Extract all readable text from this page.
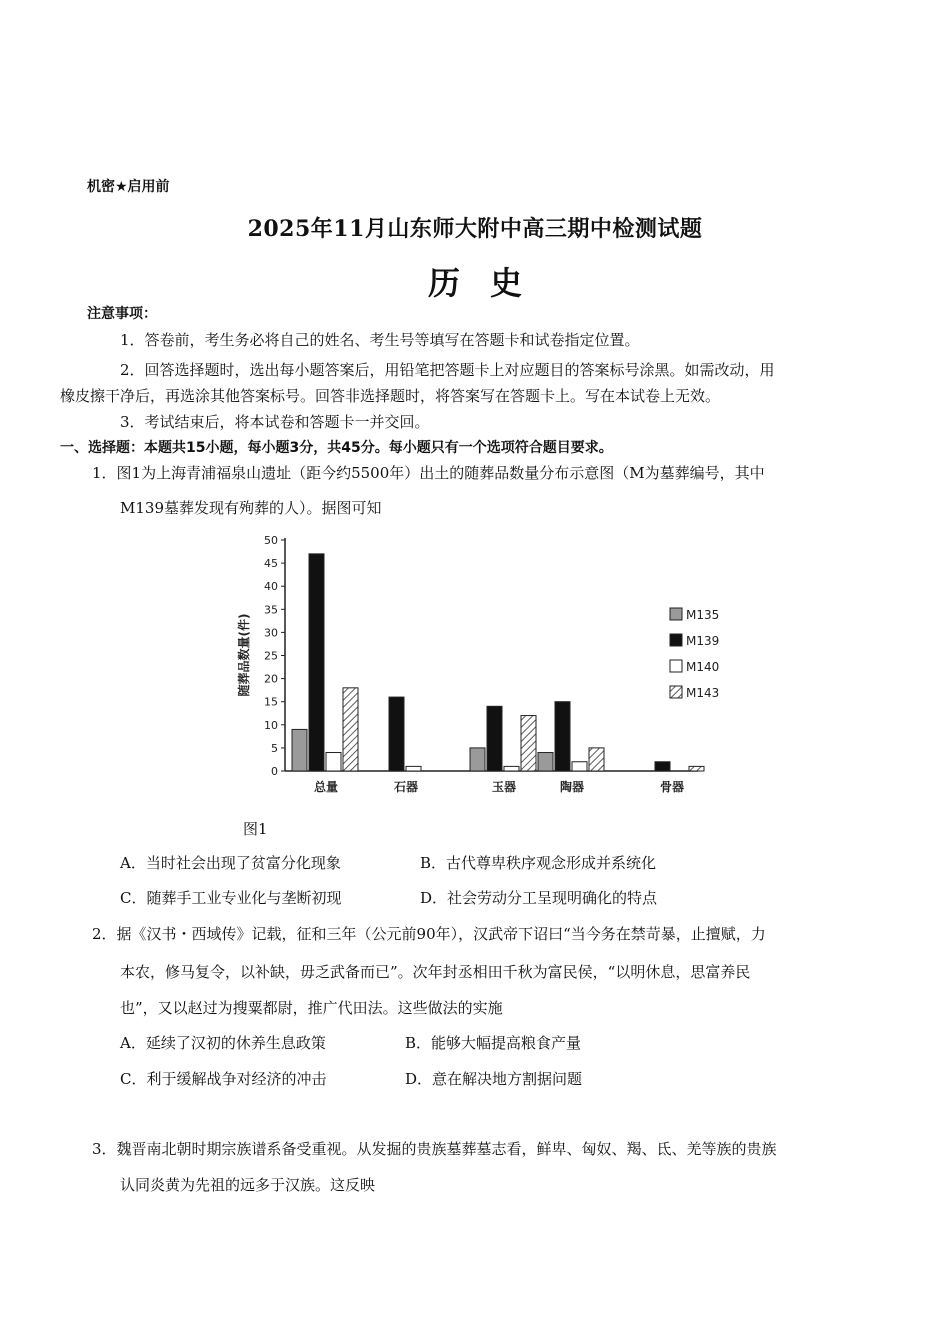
机密★启用前
2025年11月山东师大附中高三期中检测试题
历史
注意事项：
1．答卷前，考生务必将自己的姓名、考生号等填写在答题卡和试卷指定位置。
2．回答选择题时，选出每小题答案后，用铅笔把答题卡上对应题目的答案标号涂黑。如需改动，用
橡皮擦干净后，再选涂其他答案标号。回答非选择题时，将答案写在答题卡上。写在本试卷上无效。
3．考试结束后，将本试卷和答题卡一并交回。
一、选择题：本题共15小题，每小题3分，共45分。每小题只有一个选项符合题目要求。
1．图1为上海青浦福泉山遗址（距今约5500年）出土的随葬品数量分布示意图（M为墓葬编号，其中
M139墓葬发现有殉葬的人）。据图可知
0
5
10
15
20
25
30
35
40
45
50
随葬品数量(件)
总量	石器	玉器	陶器	骨器
M135
M139
M140
M143
图1
A．当时社会出现了贫富分化现象	B．古代尊卑秩序观念形成并系统化
C．随葬手工业专业化与垄断初现	D．社会劳动分工呈现明确化的特点
2．据《汉书・西域传》记载，征和三年（公元前90年），汉武帝下诏曰“当今务在禁苛暴，止擅赋，力
本农，修马复令，以补缺，毋乏武备而已”。次年封丞相田千秋为富民侯，“以明休息，思富养民
也”，又以赵过为搜粟都尉，推广代田法。这些做法的实施
A．延续了汉初的休养生息政策	B．能够大幅提高粮食产量
C．利于缓解战争对经济的冲击	D．意在解决地方割据问题
3．魏晋南北朝时期宗族谱系备受重视。从发掘的贵族墓葬墓志看，鲜卑、匈奴、羯、氐、羌等族的贵族
认同炎黄为先祖的远多于汉族。这反映
